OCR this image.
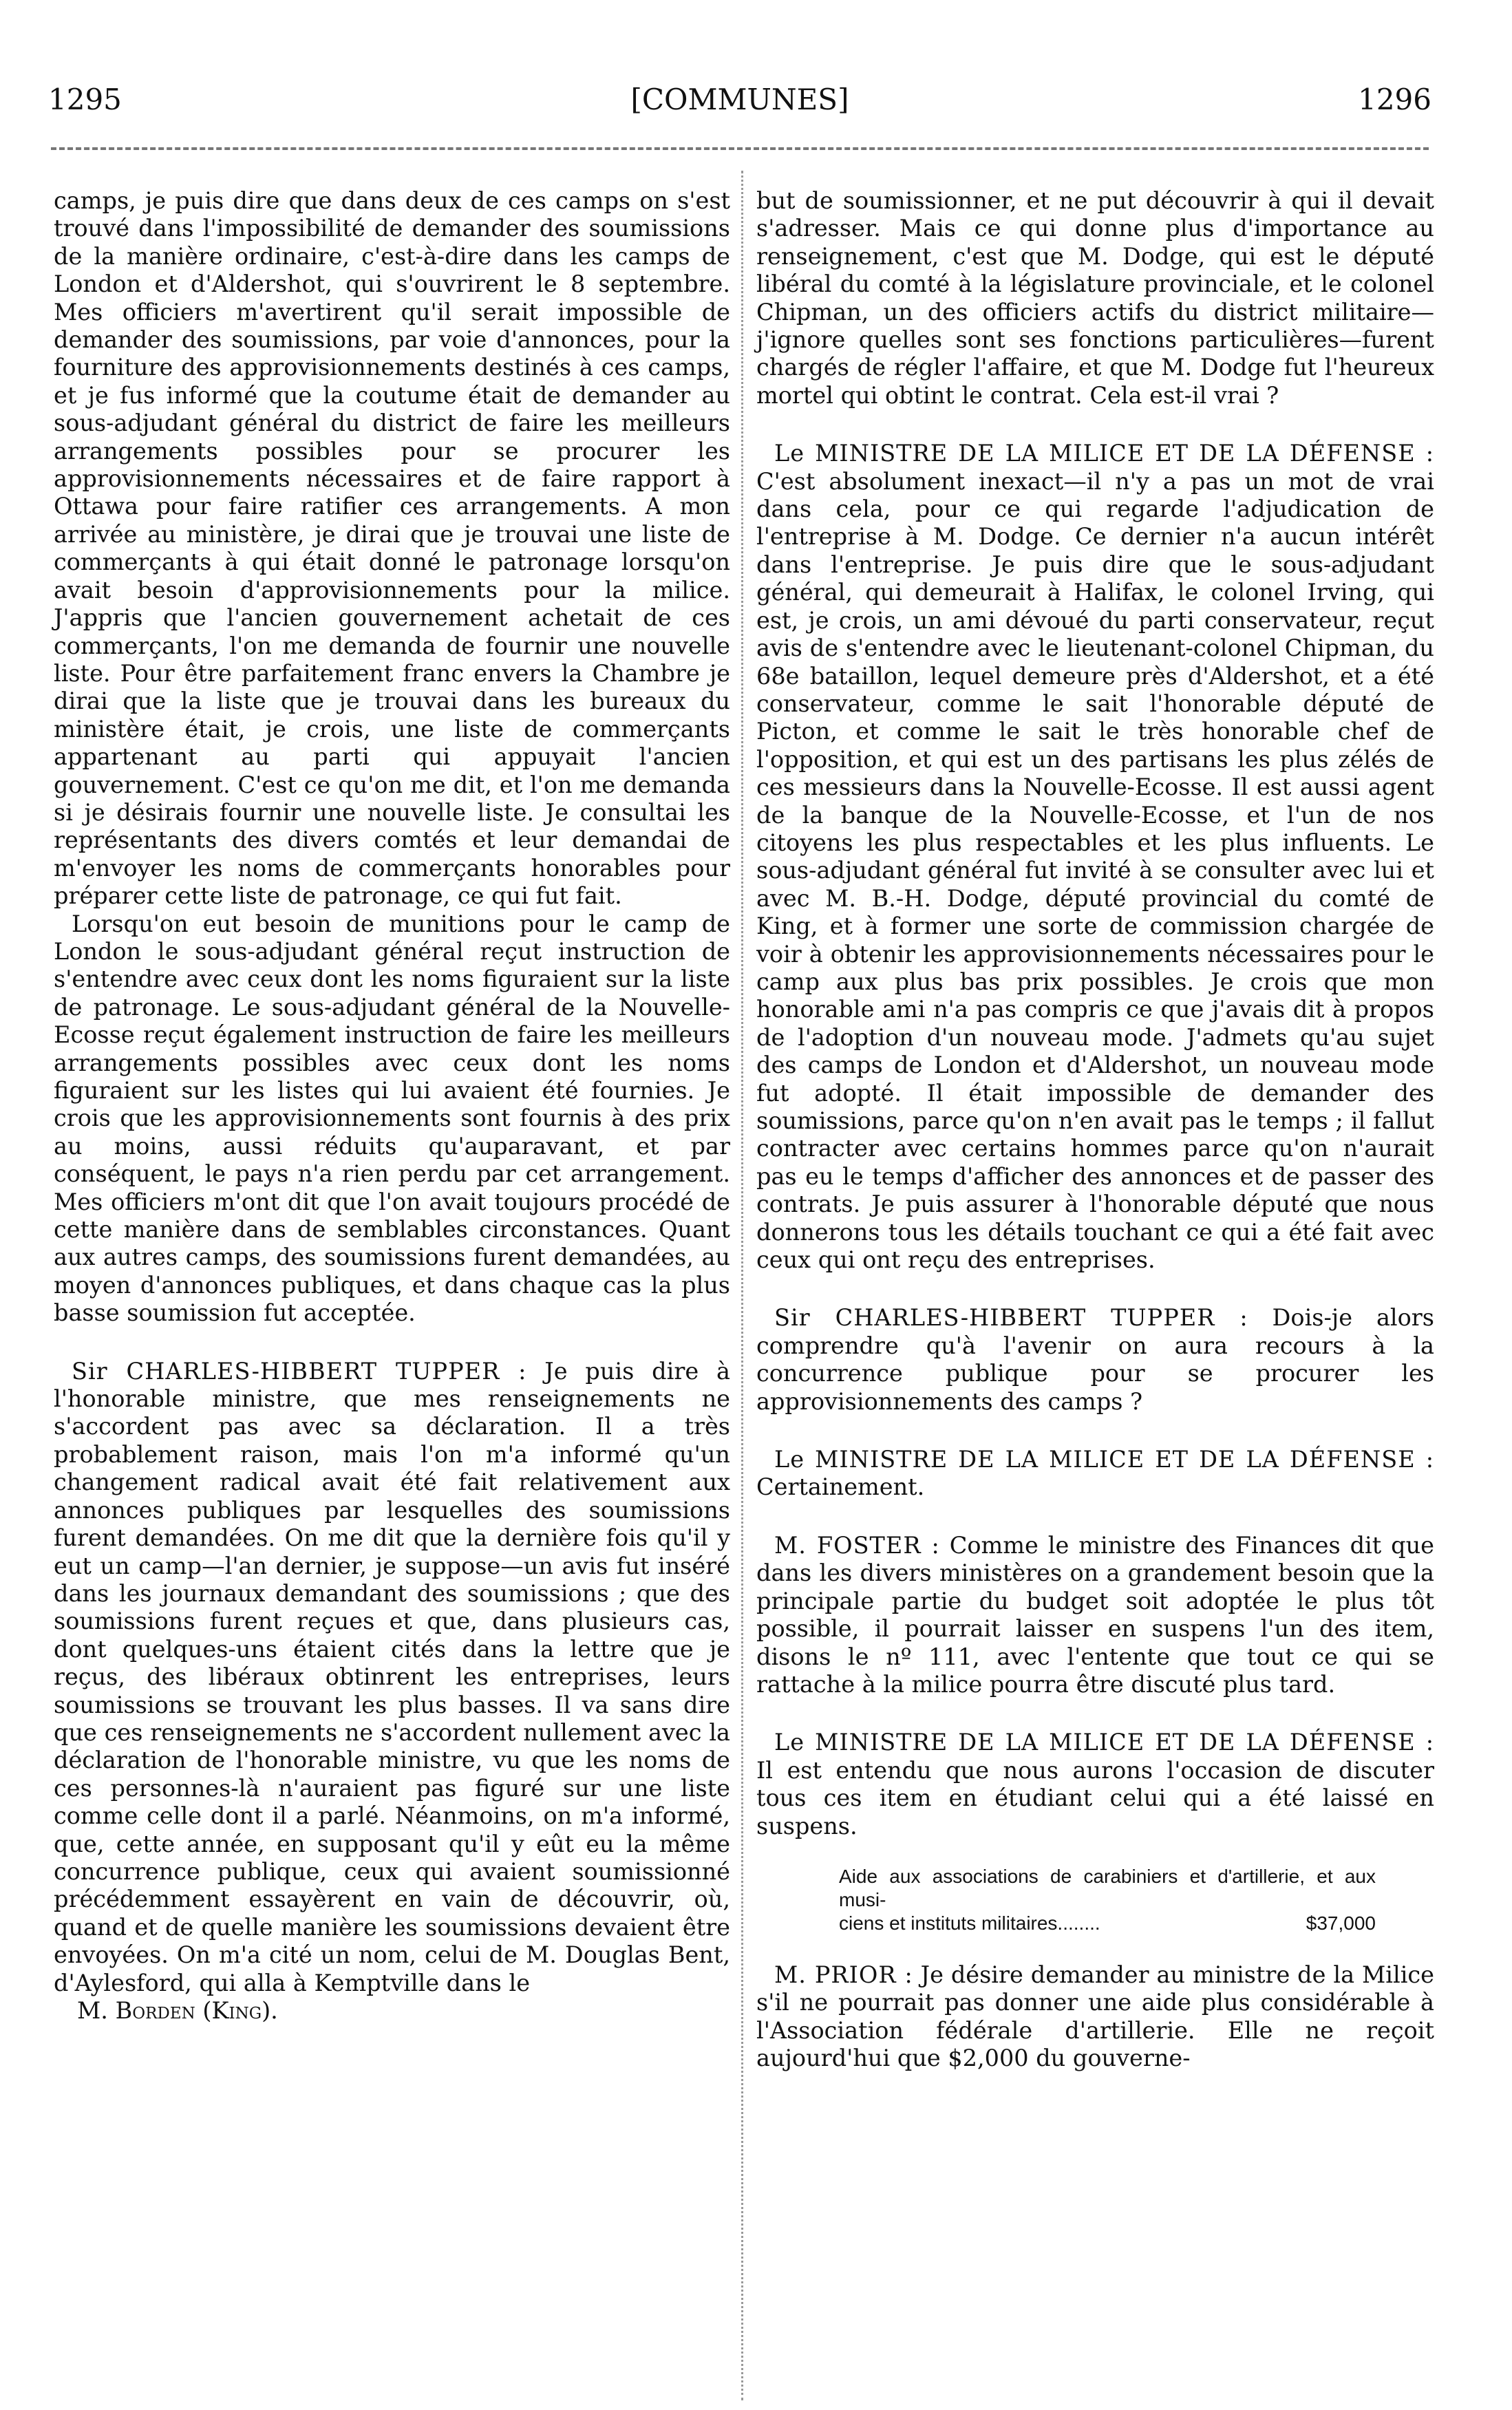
1295	[COMMUNES]	1296

camps, je puis dire que dans deux de ces camps on s'est trouvé dans l'impossibilité de demander des soumissions de la manière ordinaire, c'est-à-dire dans les camps de London et d'Aldershot, qui s'ouvrirent le 8 septembre. Mes officiers m'avertirent qu'il serait impossible de demander des soumissions, par voie d'annonces, pour la fourniture des approvisionnements destinés à ces camps, et je fus informé que la coutume était de demander au sous-adjudant général du district de faire les meilleurs arrangements possibles pour se procurer les approvisionnements nécessaires et de faire rapport à Ottawa pour faire ratifier ces arrangements. A mon arrivée au ministère, je dirai que je trouvai une liste de commerçants à qui était donné le patronage lorsqu'on avait besoin d'approvisionnements pour la milice. J'appris que l'ancien gouvernement achetait de ces commerçants, l'on me demanda de fournir une nouvelle liste. Pour être parfaitement franc envers la Chambre je dirai que la liste que je trouvai dans les bureaux du ministère était, je crois, une liste de commerçants appartenant au parti qui appuyait l'ancien gouvernement. C'est ce qu'on me dit, et l'on me demanda si je désirais fournir une nouvelle liste. Je consultai les représentants des divers comtés et leur demandai de m'envoyer les noms de commerçants honorables pour préparer cette liste de patronage, ce qui fut fait.

Lorsqu'on eut besoin de munitions pour le camp de London le sous-adjudant général reçut instruction de s'entendre avec ceux dont les noms figuraient sur la liste de patronage. Le sous-adjudant général de la Nouvelle-Ecosse reçut également instruction de faire les meilleurs arrangements possibles avec ceux dont les noms figuraient sur les listes qui lui avaient été fournies. Je crois que les approvisionnements sont fournis à des prix au moins, aussi réduits qu'auparavant, et par conséquent, le pays n'a rien perdu par cet arrangement. Mes officiers m'ont dit que l'on avait toujours procédé de cette manière dans de semblables circonstances. Quant aux autres camps, des soumissions furent demandées, au moyen d'annonces publiques, et dans chaque cas la plus basse soumission fut acceptée.

Sir CHARLES-HIBBERT TUPPER : Je puis dire à l'honorable ministre, que mes renseignements ne s'accordent pas avec sa déclaration. Il a très probablement raison, mais l'on m'a informé qu'un changement radical avait été fait relativement aux annonces publiques par lesquelles des soumissions furent demandées. On me dit que la dernière fois qu'il y eut un camp—l'an dernier, je suppose—un avis fut inséré dans les journaux demandant des soumissions ; que des soumissions furent reçues et que, dans plusieurs cas, dont quelques-uns étaient cités dans la lettre que je reçus, des libéraux obtinrent les entreprises, leurs soumissions se trouvant les plus basses. Il va sans dire que ces renseignements ne s'accordent nullement avec la déclaration de l'honorable ministre, vu que les noms de ces personnes-là n'auraient pas figuré sur une liste comme celle dont il a parlé. Néanmoins, on m'a informé, que, cette année, en supposant qu'il y eût eu la même concurrence publique, ceux qui avaient soumissionné précédemment essayèrent en vain de découvrir, où, quand et de quelle manière les soumissions devaient être envoyées. On m'a cité un nom, celui de M. Douglas Bent, d'Aylesford, qui alla à Kemptville dans le

M. Borden (King).

but de soumissionner, et ne put découvrir à qui il devait s'adresser. Mais ce qui donne plus d'importance au renseignement, c'est que M. Dodge, qui est le député libéral du comté à la législature provinciale, et le colonel Chipman, un des officiers actifs du district militaire—j'ignore quelles sont ses fonctions particulières—furent chargés de régler l'affaire, et que M. Dodge fut l'heureux mortel qui obtint le contrat. Cela est-il vrai ?

Le MINISTRE DE LA MILICE ET DE LA DÉFENSE : C'est absolument inexact—il n'y a pas un mot de vrai dans cela, pour ce qui regarde l'adjudication de l'entreprise à M. Dodge. Ce dernier n'a aucun intérêt dans l'entreprise. Je puis dire que le sous-adjudant général, qui demeurait à Halifax, le colonel Irving, qui est, je crois, un ami dévoué du parti conservateur, reçut avis de s'entendre avec le lieutenant-colonel Chipman, du 68e bataillon, lequel demeure près d'Aldershot, et a été conservateur, comme le sait l'honorable député de Picton, et comme le sait le très honorable chef de l'opposition, et qui est un des partisans les plus zélés de ces messieurs dans la Nouvelle-Ecosse. Il est aussi agent de la banque de la Nouvelle-Ecosse, et l'un de nos citoyens les plus respectables et les plus influents. Le sous-adjudant général fut invité à se consulter avec lui et avec M. B.-H. Dodge, député provincial du comté de King, et à former une sorte de commission chargée de voir à obtenir les approvisionnements nécessaires pour le camp aux plus bas prix possibles. Je crois que mon honorable ami n'a pas compris ce que j'avais dit à propos de l'adoption d'un nouveau mode. J'admets qu'au sujet des camps de London et d'Aldershot, un nouveau mode fut adopté. Il était impossible de demander des soumissions, parce qu'on n'en avait pas le temps ; il fallut contracter avec certains hommes parce qu'on n'aurait pas eu le temps d'afficher des annonces et de passer des contrats. Je puis assurer à l'honorable député que nous donnerons tous les détails touchant ce qui a été fait avec ceux qui ont reçu des entreprises.

Sir CHARLES-HIBBERT TUPPER : Dois-je alors comprendre qu'à l'avenir on aura recours à la concurrence publique pour se procurer les approvisionnements des camps ?

Le MINISTRE DE LA MILICE ET DE LA DÉFENSE : Certainement.

M. FOSTER : Comme le ministre des Finances dit que dans les divers ministères on a grandement besoin que la principale partie du budget soit adoptée le plus tôt possible, il pourrait laisser en suspens l'un des item, disons le nº 111, avec l'entente que tout ce qui se rattache à la milice pourra être discuté plus tard.

Le MINISTRE DE LA MILICE ET DE LA DÉFENSE : Il est entendu que nous aurons l'occasion de discuter tous ces item en étudiant celui qui a été laissé en suspens.

Aide aux associations de carabiniers et d'artillerie, et aux musi-
ciens et instituts militaires........	$37,000

M. PRIOR : Je désire demander au ministre de la Milice s'il ne pourrait pas donner une aide plus considérable à l'Association fédérale d'artillerie. Elle ne reçoit aujourd'hui que $2,000 du gouverne-
